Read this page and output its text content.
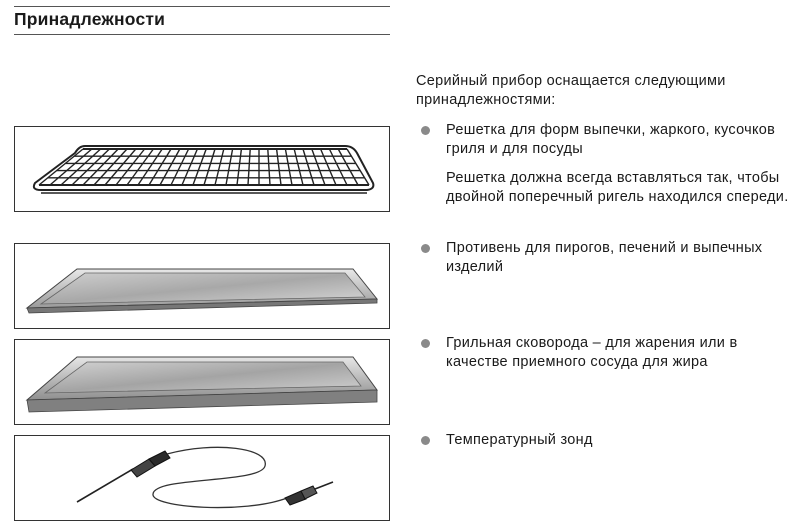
Принадлежности
Серийный прибор оснащается следующими принадлежностями:
Решетка для форм выпечки, жаркого, кусочков гриля и для посуды
Решетка должна всегда вставляться так, чтобы двойной поперечный ригель находился спереди.
Противень для пирогов, печений и выпечных изделий
Грильная сковорода – для жарения или в качестве приемного сосуда для жира
Температурный зонд
